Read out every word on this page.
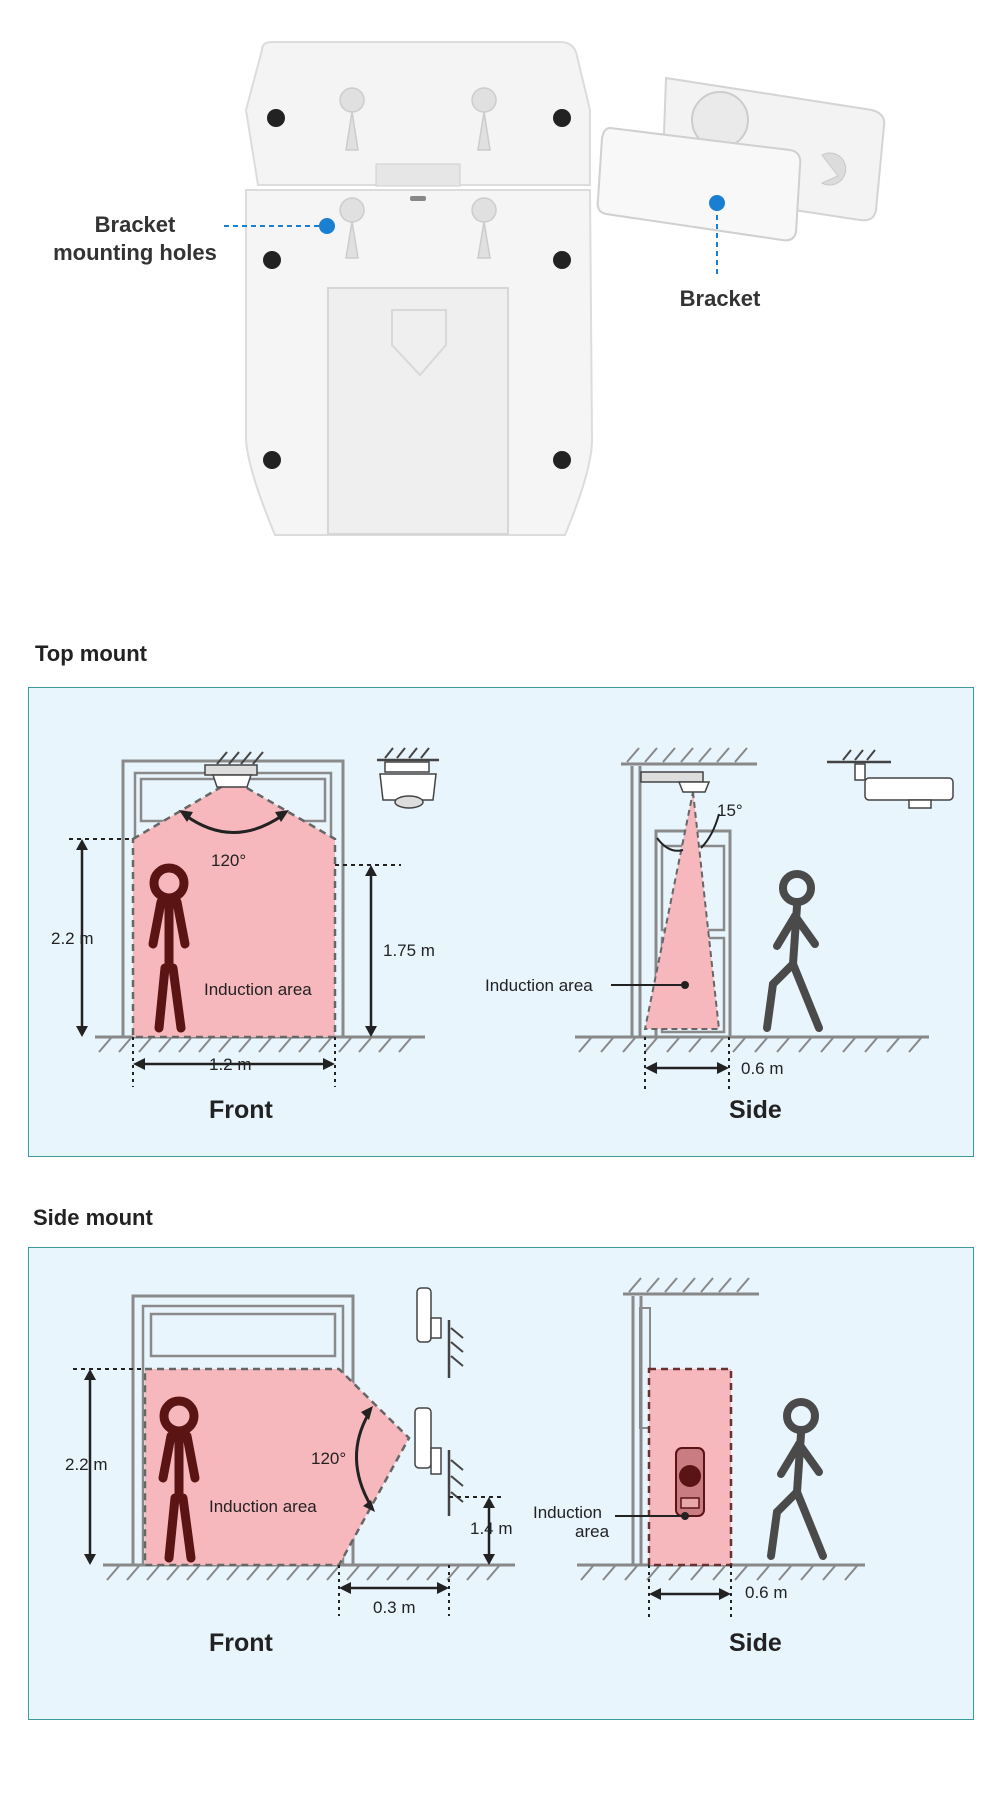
Bracket
mounting holes
Bracket
Top mount
120°
Induction area
2.2 m
1.75 m
1.2 m
Front
15°
Induction area
0.6 m
Side
Side mount
120°
Induction area
2.2 m
1.4 m
0.3 m
Front
Induction
area
0.6 m
Side
